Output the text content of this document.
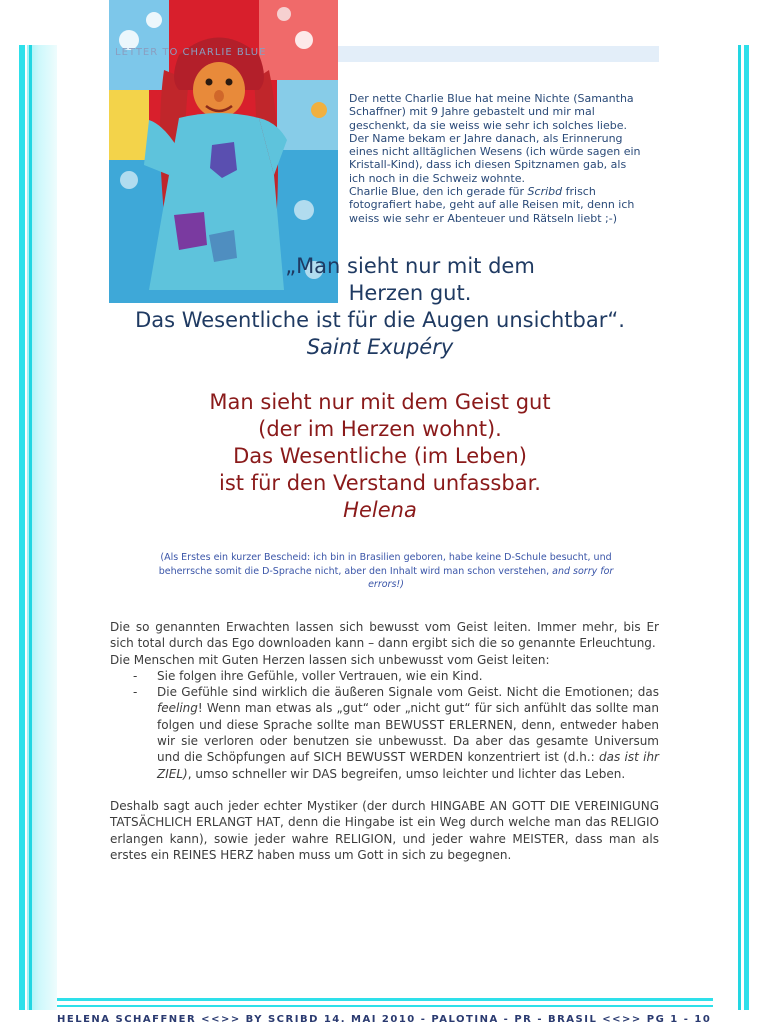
LETTER TO CHARLIE BLUE
Der nette Charlie Blue hat meine Nichte (Samantha
Schaffner) mit 9 Jahre gebastelt und mir mal
geschenkt, da sie weiss wie sehr ich solches liebe.
Der Name bekam er Jahre danach, als Erinnerung
eines nicht alltäglichen Wesens (ich würde sagen ein
Kristall-Kind), dass ich diesen Spitznamen gab, als
ich noch in die Schweiz wohnte.
Charlie Blue, den ich gerade für Scribd frisch
fotografiert habe, geht auf alle Reisen mit, denn ich
weiss wie sehr er Abenteuer und Rätseln liebt ;-)
„Man sieht nur mit dem
Herzen gut.
Das Wesentliche ist für die Augen unsichtbar“.
Saint Exupéry
Man sieht nur mit dem Geist gut
(der im Herzen wohnt).
Das Wesentliche (im Leben)
ist für den Verstand unfassbar.
Helena
(Als Erstes ein kurzer Bescheid: ich bin in Brasilien geboren, habe keine D-Schule besucht, und
beherrsche somit die D-Sprache nicht, aber den Inhalt wird man schon verstehen, and sorry for
errors!)

Die so genannten Erwachten lassen sich bewusst vom Geist leiten. Immer mehr, bis Er sich total durch das Ego downloaden kann – dann ergibt sich die so genannte Erleuchtung.

Die Menschen mit Guten Herzen lassen sich unbewusst vom Geist leiten:

- Sie folgen ihre Gefühle, voller Vertrauen, wie ein Kind.
- Die Gefühle sind wirklich die äußeren Signale vom Geist. Nicht die Emotionen; das feeling! Wenn man etwas als „gut“ oder „nicht gut“ für sich anfühlt das sollte man folgen und diese Sprache sollte man BEWUSST ERLERNEN, denn, entweder haben wir sie verloren oder benutzen sie unbewusst. Da aber das gesamte Universum und die Schöpfungen auf SICH BEWUSST WERDEN konzentriert ist (d.h.: das ist ihr ZIEL), umso schneller wir DAS begreifen, umso leichter und lichter das Leben.

Deshalb sagt auch jeder echter Mystiker (der durch HINGABE AN GOTT DIE VEREINIGUNG TATSÄCHLICH ERLANGT HAT, denn die Hingabe ist ein Weg durch welche man das RELIGIO erlangen kann), sowie jeder wahre RELIGION, und jeder wahre MEISTER, dass man als erstes ein REINES HERZ haben muss um Gott in sich zu begegnen.

HELENA SCHAFFNER <<>> BY SCRIBD 14. MAI 2010 - PALOTINA - PR - BRASIL <<>> PG 1 - 10
